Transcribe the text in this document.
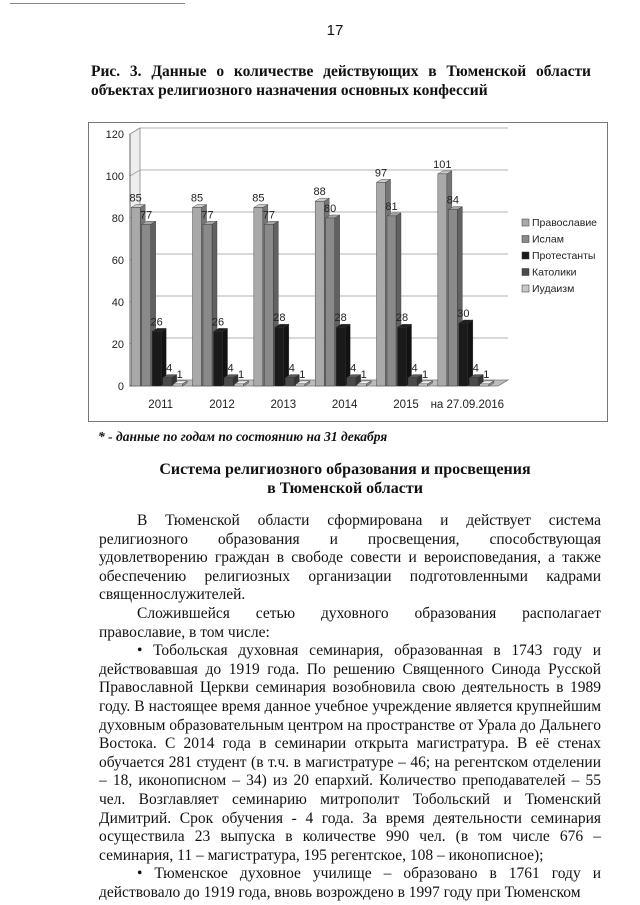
17
Рис. 3. Данные о количестве действующих в Тюменской области объектах религиозного назначения основных конфессий
0
20
40
60
80
100
120
85
77
26
4
1
2011
85
77
26
4
1
2012
85
77
28
4
1
2013
88
80
28
4
1
2014
97
81
28
4
1
2015
101
84
30
4
1
на 27.09.2016
Православие
Ислам
Протестанты
Католики
Иудаизм
* - данные по годам по состоянию на 31 декабря
Система религиозного образования и просвещения
в Тюменской области

В Тюменской области сформирована и действует система религиозного образования и просвещения, способствующая удовлетворению граждан в свободе совести и вероисповедания, а также обеспечению религиозных организации подготовленными кадрами священнослужителей.

Сложившейся сетью духовного образования располагает православие, в том числе:

• Тобольская духовная семинария, образованная в 1743 году и действовавшая до 1919 года. По решению Священного Синода Русской Православной Церкви семинария возобновила свою деятельность в 1989 году. В настоящее время данное учебное учреждение является крупнейшим духовным образовательным центром на пространстве от Урала до Дальнего Востока. С 2014 года в семинарии открыта магистратура. В её стенах обучается 281 студент (в т.ч. в магистратуре – 46; на регентском отделении – 18, иконописном – 34) из 20 епархий. Количество преподавателей – 55 чел. Возглавляет семинарию митрополит Тобольский и Тюменский Димитрий. Срок обучения - 4 года. За время деятельности семинария осуществила 23 выпуска в количестве 990 чел. (в том числе 676 – семинария, 11 – магистратура, 195 регентское, 108 – иконописное);

• Тюменское духовное училище – образовано в 1761 году и действовало до 1919 года, вновь возрождено в 1997 году при Тюменском
